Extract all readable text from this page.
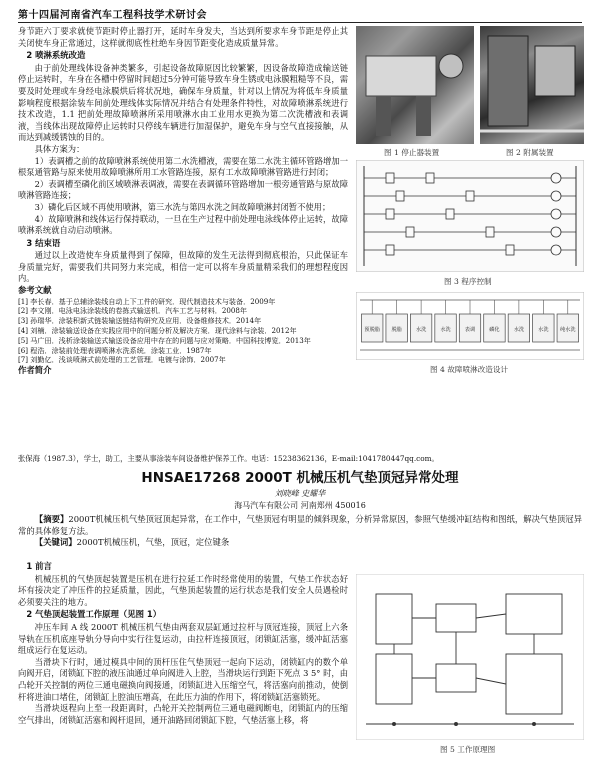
第十四届河南省汽车工程科技学术研讨会

身节距六丁要求就使节距时停止器打开，延时车身发夫，当达到所要求车身节距是停止其关闭使车身正常通过，这样就彻底性杜绝车身因节距变化造成质量异常。

2 喷淋系统改造

由于前处理线体设备神类繁多，引起设备故障原因比较繁繁，因设备故障造成输送链停止运转时，车身在各槽中停留时间超过5分钟可能导致车身生锈或电泳膜粗糙等不良，需要及时处理或车身经电泳膜烘后将状况地，确保车身质量，针对以上情况为将低车身质量影响程度根据涂装车间前处理线体实际情况并结合有处理条件特性，对故障喷淋系统进行技术改造，1.1 把前处理故障喷淋所采用喷淋水由工业用水更换为第二次洗槽液和表调液，当线体出现故障停止运转时只停线车辆进行加湿保护，避免车身与空气直接接触，从而达到减缓锈蚀的目的。

具体方案为：

1）表调槽之前的故障喷淋系统使用第二水洗槽液，需要在第二水洗主循环管路增加一根泵通管路与原来使用故障喷淋所用工水管路连接，原有工水故障喷淋管路进行封闭；

2）表调槽至磷化前区域喷淋表调液，需要在表调循环管路增加一根旁通管路与原故障喷淋管路连接；

3）磷化后区域不再使用喷淋，第三水洗与第四水洗之间故障喷淋封闭暂不使用；

4）故障喷淋和线体运行保持联动，一旦在生产过程中前处理电泳线体停止运转，故障喷淋系统就自动启动喷淋。

3 结束语

通过以上改造使车身质量得到了保障，但故障的发生无法得到彻底根治，只此保证车身质量完好，需要我们共同努力来完成，相信一定可以将车身质量精采我们的理想程度因内。

参考文献
[1] 李长春．基于总辅涂装线自动上下工件的研究．现代制造技术与装备．2009年
[2] 李文刚．电泳电泳涂装线的卷拣式输送机．汽车工艺与材料．2008年
[3] 孙瑞华．涂装积新式链装输送链结构研究及应用．设备维修技术．2014年
[4] 刘楠．涂装输送设备在实践应用中的问题分析及解决方案．现代涂料与涂装．2012年
[5] 马广田．浅析涂装输送式输送设备应用中存在的问题与应对策略．中国科技博览．2013年
[6] 程浩．涂装前处理表调喷淋水洗系统．涂装工业．1987年
[7] 刘勤亿．浅谈喷淋式前处理的工艺管理．电镀与涂饰．2007年
作者简介
张保海（1987.3），学士，助工，主要从事涂装车间设备维护保养工作。电话：15238362136，E-mail:1041780447qq.com。
图 1 停止器装置	图 2 附属装置
图 3 程序控制
预脱脂 脱脂	水洗	水洗	表调	磷化	水洗	水洗 纯水洗
图 4 故障喷淋改造设计
HNSAE17268 2000T 机械压机气垫顶冠异常处理
刘晓峰 史耀华
海马汽车有限公司 河南郑州 450016

【摘要】2000T机械压机气垫顶冠顶起异常，在工作中，气垫顶冠有明显的倾斜现象，分析异常原因，参照气垫缓冲缸结构和图纸，解决气垫顶冠异常的具体修复方法。

【关键词】2000T机械压机，气垫，顶冠，定位键条

1 前言

机械压机的气垫顶起装置是压机在进行拉延工作时经常使用的装置，气垫工作状态好坏有接决定了冲压件的拉延质量，因此，气垫顶起装置的运行状态是我们安全人员遇检时必须要关注的地方。

2 气垫顶起装置工作原理（见图 1）

冲压车间 A 线 2000T 机械压机气垫由两套双层缸通过拉杆与顶冠连接，顶冠上六条导轨在压机底座导轨分导向中实行往复运动，由拉杆连接顶冠，闭锁缸活塞，缓冲缸活塞组成运行在复运动。

当滑块下行时，通过模具中间的顶杆压住气垫顶冠一起向下运动，闭锁缸内的数个单向阀开启，闭锁缸下腔的液压油通过单向阀进入上腔，当滑块运行到距下死点 3 5° 时，由凸轮开关控制的两位三通电磁换向阀接通，闭锁缸进入压缩空气，将活塞向前推动，使倒杆将进油口堵住，闭锁缸上腔油压增高，在此压力油的作用下，将闭锁缸活塞锁死。

当滑块返程向上至一段距离时，凸轮开关控制两位三通电磁阀断电，闭锁缸内的压缩空气排出，闭锁缸活塞和阀杆退回，通开油路回闭锁缸下腔，气垫活塞上移，将

图 5 工作原理图
